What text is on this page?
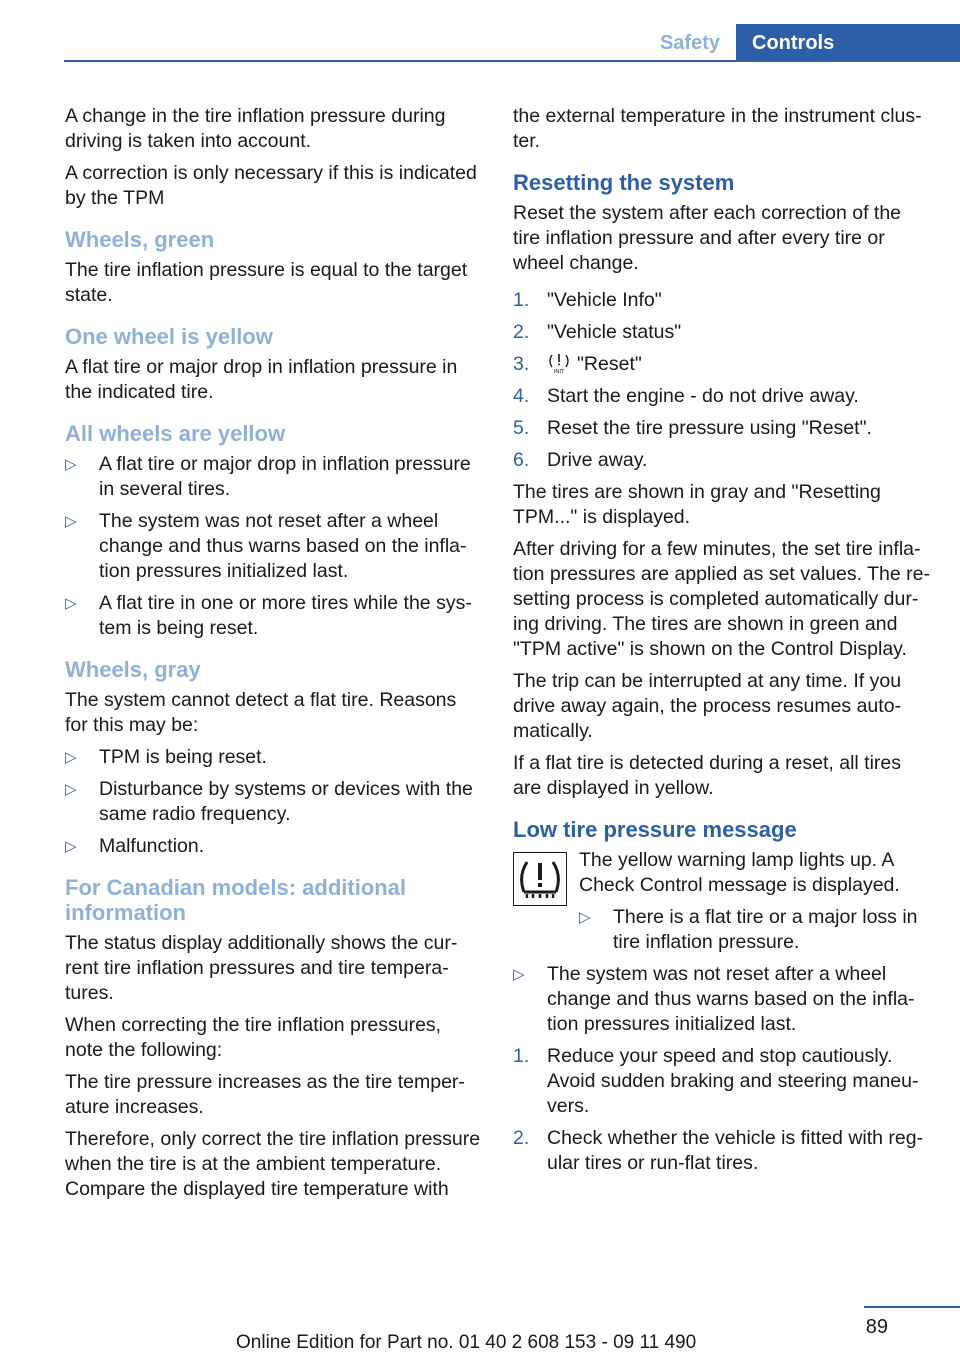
Safety	Controls

A change in the tire inflation pressure during driving is taken into account.

A correction is only necessary if this is indicated by the TPM

Wheels, green

The tire inflation pressure is equal to the target state.

One wheel is yellow

A flat tire or major drop in inflation pressure in the indicated tire.

All wheels are yellow
▷ A flat tire or major drop in inflation pressure in several tires.
▷ The system was not reset after a wheel change and thus warns based on the inflation pressures initialized last.
▷ A flat tire in one or more tires while the system is being reset.
Wheels, gray

The system cannot detect a flat tire. Reasons for this may be:

▷ TPM is being reset.
▷ Disturbance by systems or devices with the same radio frequency.
▷ Malfunction.
For Canadian models: additional information

The status display additionally shows the current tire inflation pressures and tire temperatures.

When correcting the tire inflation pressures, note the following:

The tire pressure increases as the tire temperature increases.

Therefore, only correct the tire inflation pressure when the tire is at the ambient temperature. Compare the displayed tire temperature with

the external temperature in the instrument cluster.

Resetting the system

Reset the system after each correction of the tire inflation pressure and after every tire or wheel change.

1. "Vehicle Info"
2. "Vehicle status"
3.	INIT "Reset"
4. Start the engine - do not drive away.
5. Reset the tire pressure using "Reset".
6. Drive away.

The tires are shown in gray and "Resetting TPM..." is displayed.

After driving for a few minutes, the set tire inflation pressures are applied as set values. The resetting process is completed automatically during driving. The tires are shown in green and "TPM active" is shown on the Control Display.

The trip can be interrupted at any time. If you drive away again, the process resumes automatically.

If a flat tire is detected during a reset, all tires are displayed in yellow.

Low tire pressure message

The yellow warning lamp lights up. A Check Control message is displayed.

▷ There is a flat tire or a major loss in tire inflation pressure.
▷ The system was not reset after a wheel change and thus warns based on the inflation pressures initialized last.
1. Reduce your speed and stop cautiously. Avoid sudden braking and steering maneuvers.
2. Check whether the vehicle is fitted with regular tires or run-flat tires.
89
Online Edition for Part no. 01 40 2 608 153 - 09 11 490
